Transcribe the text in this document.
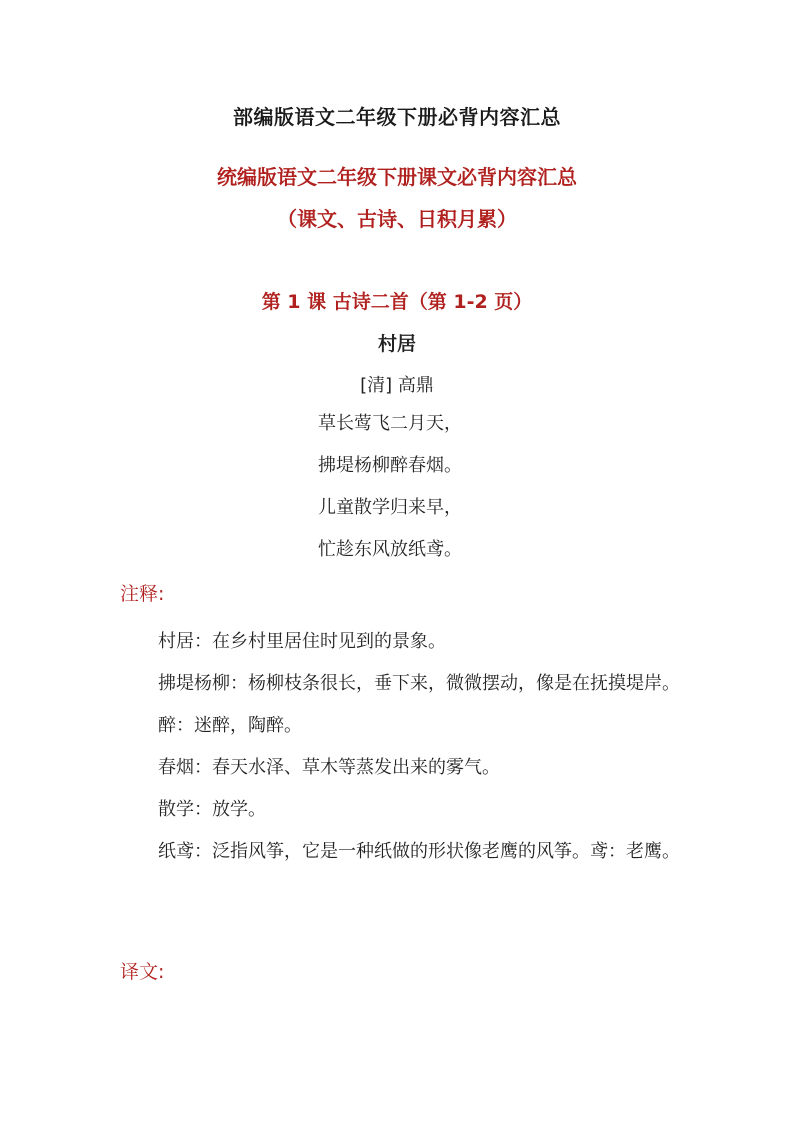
部编版语文二年级下册必背内容汇总
统编版语文二年级下册课文必背内容汇总
（课文、古诗、日积月累）
第 1 课 古诗二首（第 1-2 页）
村居
[清] 高鼎
草长莺飞二月天，
拂堤杨柳醉春烟。
儿童散学归来早，
忙趁东风放纸鸢。
注释:

村居：在乡村里居住时见到的景象。

拂堤杨柳：杨柳枝条很长，垂下来，微微摆动，像是在抚摸堤岸。

醉：迷醉，陶醉。

春烟：春天水泽、草木等蒸发出来的雾气。

散学：放学。

纸鸢：泛指风筝，它是一种纸做的形状像老鹰的风筝。鸢：老鹰。

译文:
